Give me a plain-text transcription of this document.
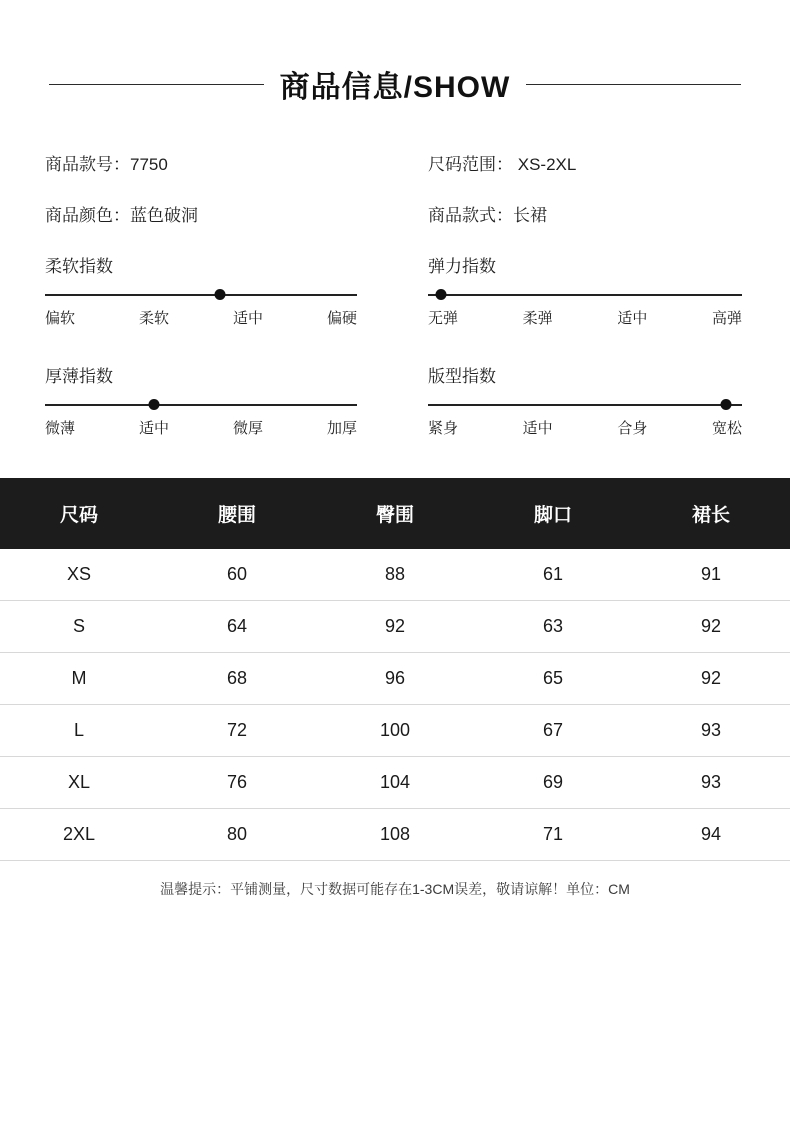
商品信息/SHOW
商品款号：7750	尺码范围： XS-2XL
商品颜色：蓝色破洞	商品款式：长裙
柔软指数
偏软	柔软	适中	偏硬
弹力指数
无弹	柔弹	适中	高弹
厚薄指数
微薄	适中	微厚	加厚
版型指数
紧身	适中	合身	宽松
尺码	腰围	臀围	脚口	裙长
XS	60	88	61	91
S	64	92	63	92
M	68	96	65	92
L	72	100	67	93
XL	76	104	69	93
2XL	80	108	71	94
温馨提示：平铺测量，尺寸数据可能存在1-3CM误差，敬请谅解！单位：CM
